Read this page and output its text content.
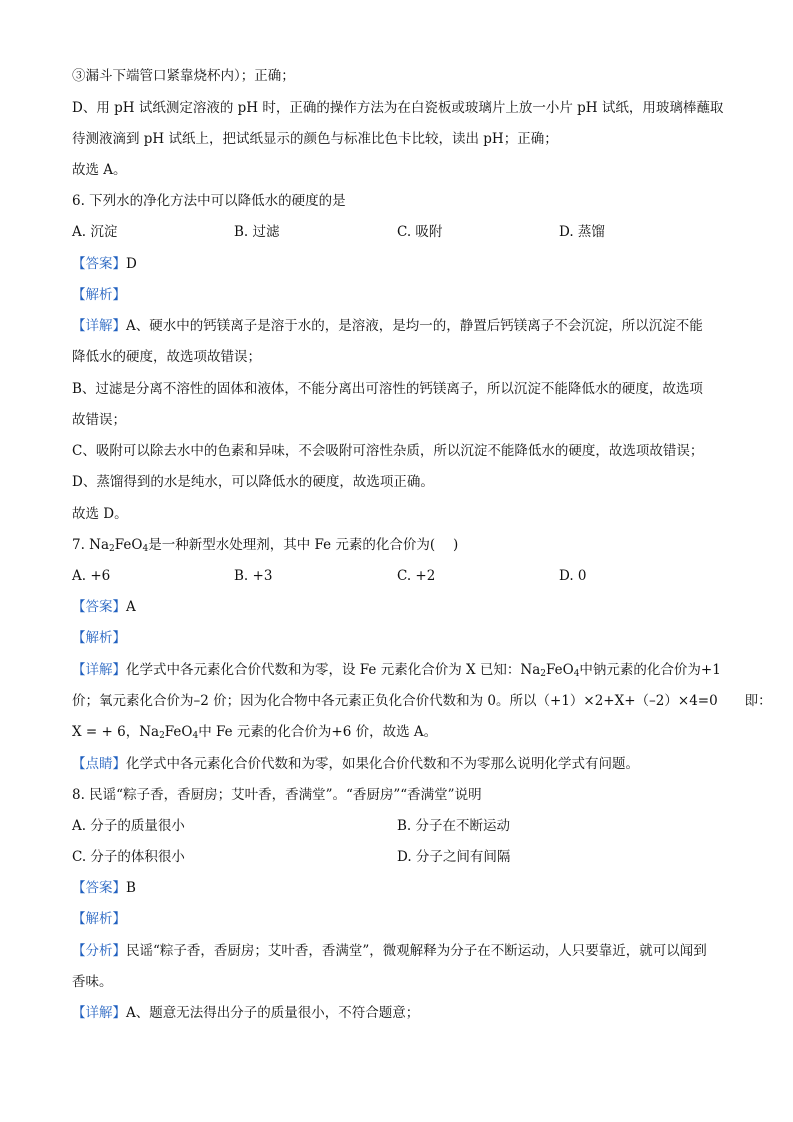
③漏斗下端管口紧靠烧杯内）；正确；
D、用 pH 试纸测定溶液的 pH 时，正确的操作方法为在白瓷板或玻璃片上放一小片 pH 试纸，用玻璃棒蘸取
待测液滴到 pH 试纸上，把试纸显示的颜色与标准比色卡比较，读出 pH；正确；
故选 A。
6. 下列水的净化方法中可以降低水的硬度的是
A. 沉淀	B. 过滤	C. 吸附	D. 蒸馏
【答案】D
【解析】
【详解】A、硬水中的钙镁离子是溶于水的，是溶液，是均一的，静置后钙镁离子不会沉淀，所以沉淀不能
降低水的硬度，故选项故错误；
B、过滤是分离不溶性的固体和液体，不能分离出可溶性的钙镁离子，所以沉淀不能降低水的硬度，故选项
故错误；
C、吸附可以除去水中的色素和异味，不会吸附可溶性杂质，所以沉淀不能降低水的硬度，故选项故错误；
D、蒸馏得到的水是纯水，可以降低水的硬度，故选项正确。
故选 D。
7. $Na_2FeO_4$是一种新型水处理剂，其中 Fe 元素的化合价为(　 )
A. +6	B. +3	C. +2	D. 0
【答案】A
【解析】
【详解】化学式中各元素化合价代数和为零，设 Fe 元素化合价为 X 已知：$Na_2FeO_4$中钠元素的化合价为+1
价；氧元素化合价为–2 价；因为化合物中各元素正负化合价代数和为 0。所以（+1）×2+X+（–2）×4=0　　即：
X = + 6，$Na_2FeO_4$中 Fe 元素的化合价为+6 价，故选 A。
【点睛】化学式中各元素化合价代数和为零，如果化合价代数和不为零那么说明化学式有问题。
8. 民谣“粽子香，香厨房；艾叶香，香满堂”。“香厨房”“香满堂”说明
A. 分子的质量很小	B. 分子在不断运动
C. 分子的体积很小	D. 分子之间有间隔
【答案】B
【解析】
【分析】民谣“粽子香，香厨房；艾叶香，香满堂”，微观解释为分子在不断运动，人只要靠近，就可以闻到
香味。
【详解】A、题意无法得出分子的质量很小，不符合题意；
